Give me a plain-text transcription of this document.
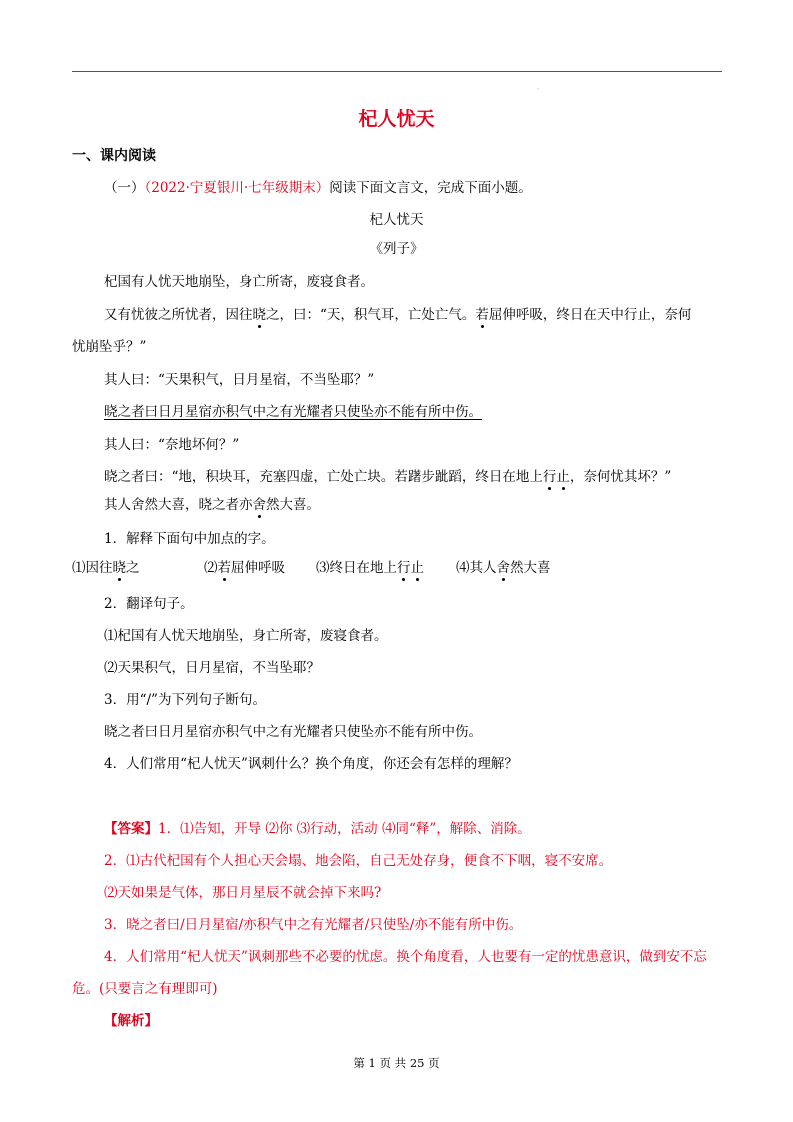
.
杞人忧天
一、课内阅读
（一）（2022·宁夏银川·七年级期末）阅读下面文言文，完成下面小题。
杞人忧天
《列子》
杞国有人忧天地崩坠，身亡所寄，废寝食者。
又有忧彼之所忧者，因往晓之，曰：“天，积气耳，亡处亡气。若屈伸呼吸，终日在天中行止，奈何
忧崩坠乎？”
其人曰：“天果积气，日月星宿，不当坠耶？”
晓之者曰日月星宿亦积气中之有光耀者只使坠亦不能有所中伤。
其人曰：“奈地坏何？”
晓之者曰：“地，积块耳，充塞四虚，亡处亡块。若躇步跐蹈，终日在地上行止，奈何忧其坏？”
其人舍然大喜，晓之者亦舍然大喜。
1．解释下面句中加点的字。
⑴因往晓之	⑵若屈伸呼吸 ⑶终日在地上行止 ⑷其人舍然大喜
2．翻译句子。
⑴杞国有人忧天地崩坠，身亡所寄，废寝食者。
⑵天果积气，日月星宿，不当坠耶？
3．用“/”为下列句子断句。
晓之者曰日月星宿亦积气中之有光耀者只使坠亦不能有所中伤。
4．人们常用“杞人忧天”讽刺什么？换个角度，你还会有怎样的理解？
【答案】1．⑴告知，开导 ⑵你 ⑶行动，活动 ⑷同“释”，解除、消除。
2．⑴古代杞国有个人担心天会塌、地会陷，自己无处存身，便食不下咽，寝不安席。
⑵天如果是气体，那日月星辰不就会掉下来吗?
3．晓之者曰/日月星宿/亦积气中之有光耀者/只使坠/亦不能有所中伤。
4．人们常用“杞人忧天”讽刺那些不必要的忧虑。换个角度看，人也要有一定的忧患意识，做到安不忘
危。(只要言之有理即可)
【解析】
第 1 页 共 25 页
